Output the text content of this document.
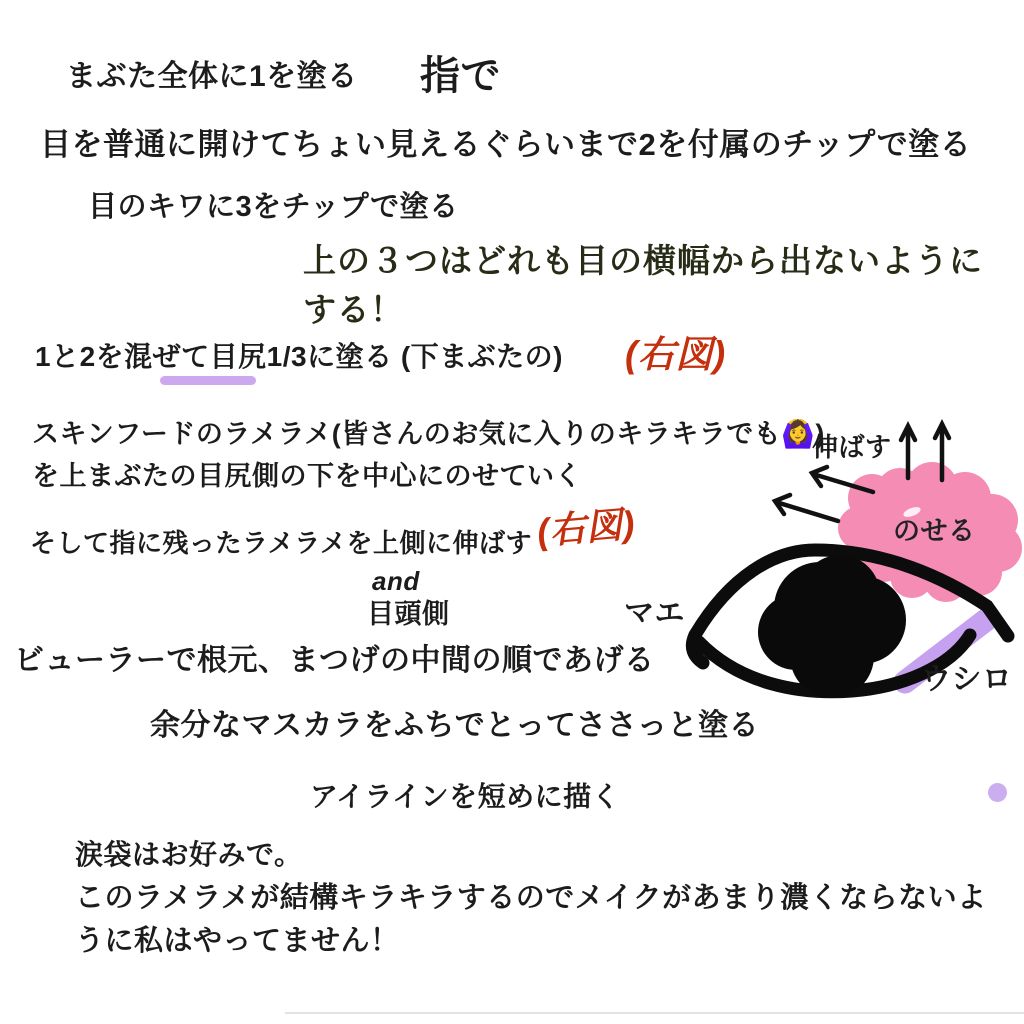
まぶた全体に1を塗る 指で
目を普通に開けてちょい見えるぐらいまで2を付属のチップで塗る
目のキワに3をチップで塗る
上の３つはどれも目の横幅から出ないように
する！
1と2を混ぜて目尻1/3に塗る (下まぶたの) (右図)
スキンフードのラメラメ(皆さんのお気に入りのキラキラでも🙆‍♀️)
を上まぶたの目尻側の下を中心にのせていく
そして指に残ったラメラメを上側に伸ばす (右図)
and
目頭側
ビューラーで根元、まつげの中間の順であげる
余分なマスカラをふちでとってささっと塗る
アイラインを短めに描く
涙袋はお好みで。
このラメラメが結構キラキラするのでメイクがあまり濃くならないよ
うに私はやってません！
伸ばす
のせる
マエ
ウシロ
